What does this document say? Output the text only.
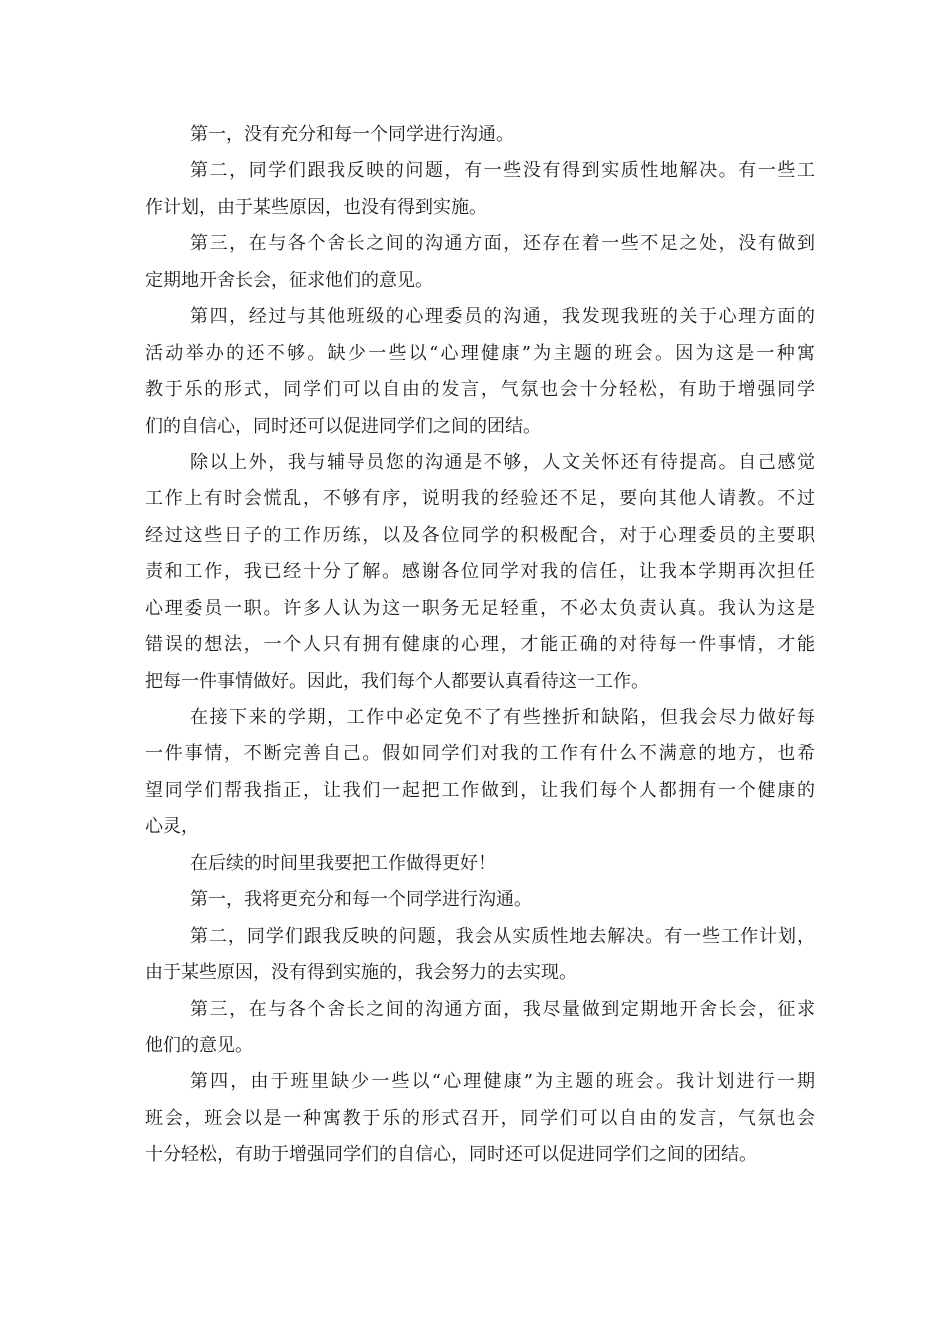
第一，没有充分和每一个同学进行沟通。
第二，同学们跟我反映的问题，有一些没有得到实质性地解决。有一些工
作计划，由于某些原因，也没有得到实施。
第三，在与各个舍长之间的沟通方面，还存在着一些不足之处，没有做到
定期地开舍长会，征求他们的意见。
第四，经过与其他班级的心理委员的沟通，我发现我班的关于心理方面的
活动举办的还不够。缺少一些以“心理健康”为主题的班会。因为这是一种寓
教于乐的形式，同学们可以自由的发言，气氛也会十分轻松，有助于增强同学
们的自信心，同时还可以促进同学们之间的团结。
除以上外，我与辅导员您的沟通是不够，人文关怀还有待提高。自己感觉
工作上有时会慌乱，不够有序，说明我的经验还不足，要向其他人请教。不过
经过这些日子的工作历练，以及各位同学的积极配合，对于心理委员的主要职
责和工作，我已经十分了解。感谢各位同学对我的信任，让我本学期再次担任
心理委员一职。许多人认为这一职务无足轻重，不必太负责认真。我认为这是
错误的想法，一个人只有拥有健康的心理，才能正确的对待每一件事情，才能
把每一件事情做好。因此，我们每个人都要认真看待这一工作。
在接下来的学期，工作中必定免不了有些挫折和缺陷，但我会尽力做好每
一件事情，不断完善自己。假如同学们对我的工作有什么不满意的地方，也希
望同学们帮我指正，让我们一起把工作做到，让我们每个人都拥有一个健康的
心灵，
在后续的时间里我要把工作做得更好！
第一，我将更充分和每一个同学进行沟通。
第二，同学们跟我反映的问题，我会从实质性地去解决。有一些工作计划，
由于某些原因，没有得到实施的，我会努力的去实现。
第三，在与各个舍长之间的沟通方面，我尽量做到定期地开舍长会，征求
他们的意见。
第四，由于班里缺少一些以“心理健康”为主题的班会。我计划进行一期
班会，班会以是一种寓教于乐的形式召开，同学们可以自由的发言，气氛也会
十分轻松，有助于增强同学们的自信心，同时还可以促进同学们之间的团结。
